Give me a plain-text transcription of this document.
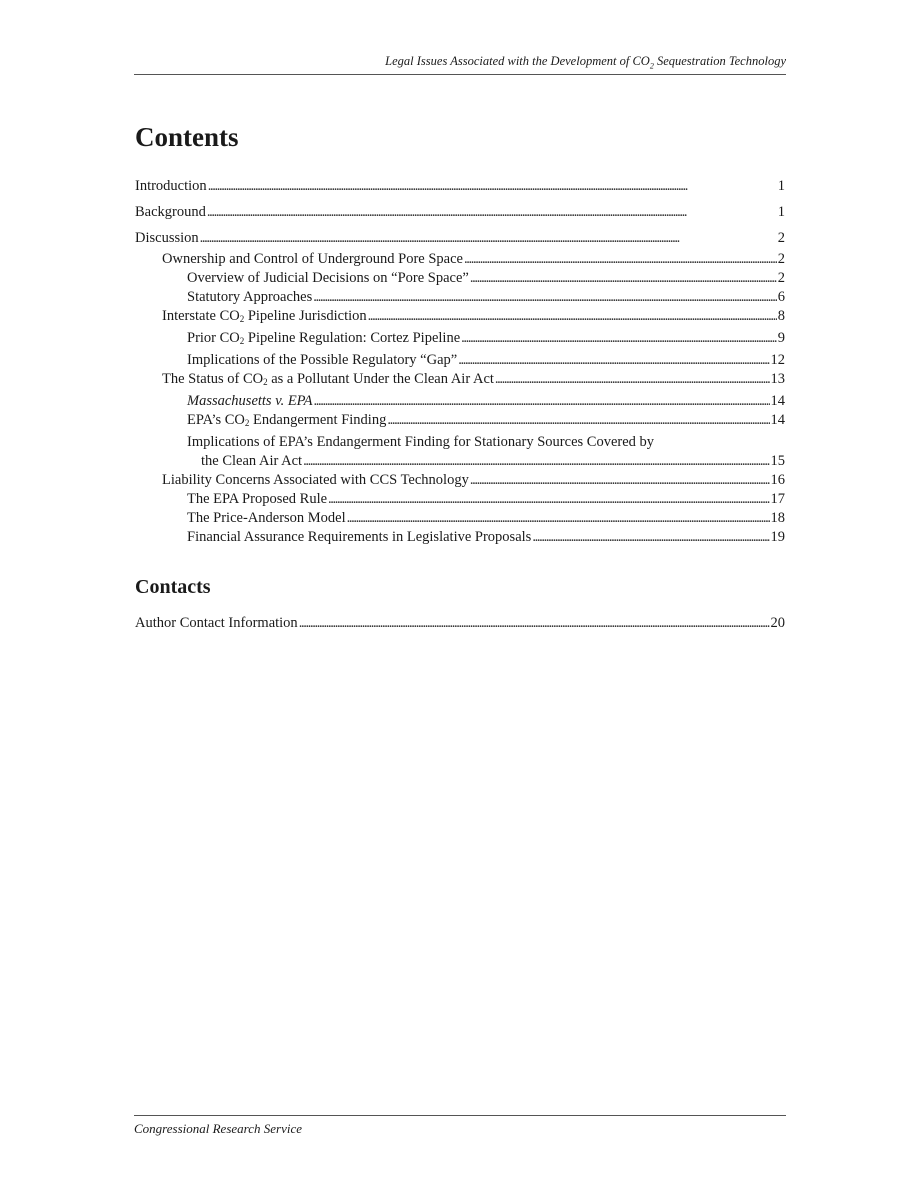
Legal Issues Associated with the Development of $CO_2$ Sequestration Technology
Contents
Introduction . . .	1
Background . . .	1
Discussion . . .	2
Ownership and Control of Underground Pore Space . . .	2
Overview of Judicial Decisions on “Pore Space” . . .	2
Statutory Approaches . . .	6
Interstate $CO_2$ Pipeline Jurisdiction . . .	8
Prior $CO_2$ Pipeline Regulation: Cortez Pipeline . . .	9
Implications of the Possible Regulatory “Gap” . . .	12
The Status of $CO_2$ as a Pollutant Under the Clean Air Act . . .	13
Massachusetts v. EPA . . .	14
EPA’s $CO_2$ Endangerment Finding . . .	14
Implications of EPA’s Endangerment Finding for Stationary Sources Covered by
the Clean Air Act . . .	15
Liability Concerns Associated with CCS Technology . . .	16
The EPA Proposed Rule . . .	17
The Price-Anderson Model . . .	18
Financial Assurance Requirements in Legislative Proposals . . .	19
Contacts
Author Contact Information . . .	20
Congressional Research Service
